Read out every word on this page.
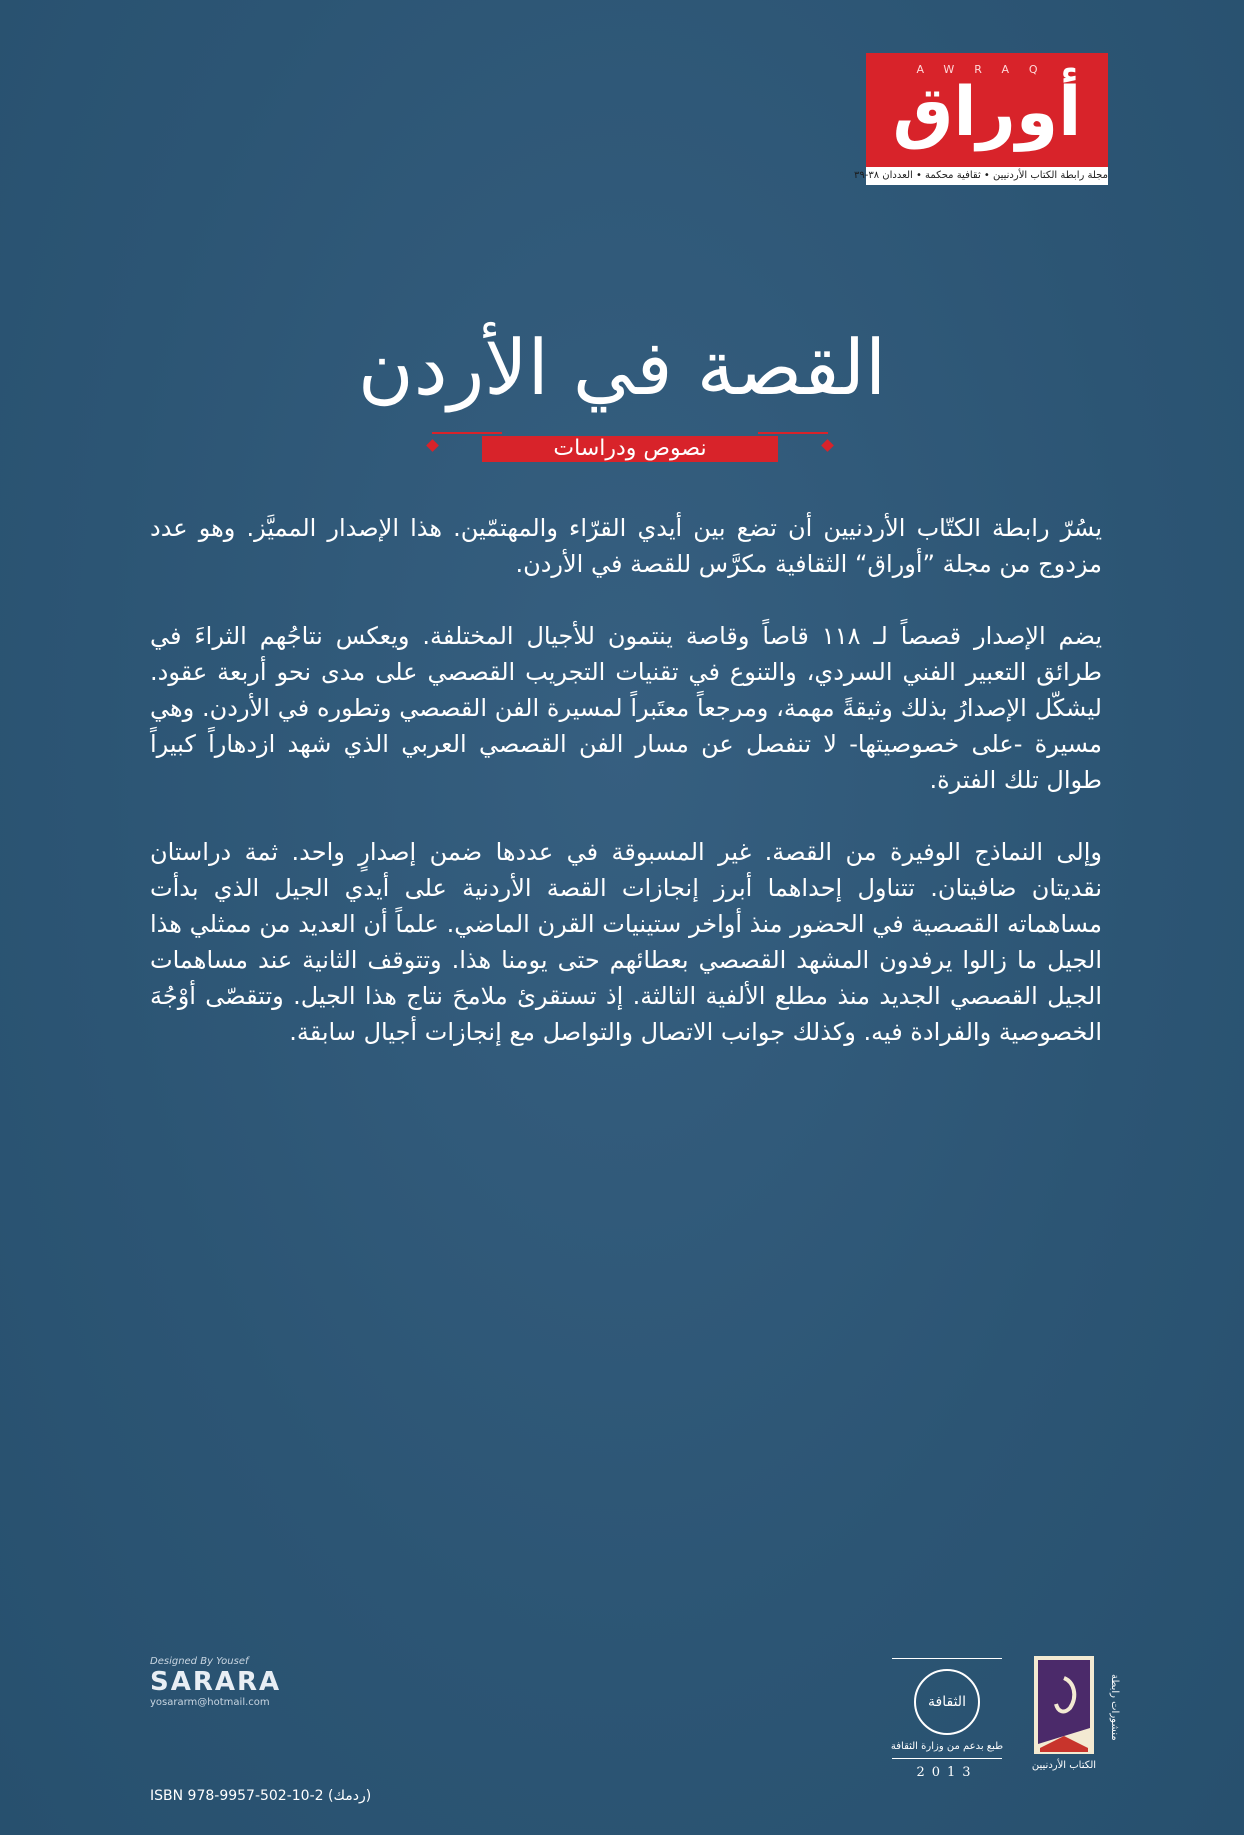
AWRAQ
أوراق
مجلة رابطة الكتاب الأردنيين • ثقافية محكمة • العددان ٣٨-٣٩
القصة في الأردن
نصوص ودراسات

يسُرّ رابطة الكتّاب الأردنيين أن تضع بين أيدي القرّاء والمهتمّين. هذا الإصدار المميَّز. وهو عدد مزدوج من مجلة ”أوراق“ الثقافية مكرَّس للقصة في الأردن.

يضم الإصدار قصصاً لـ ١١٨ قاصاً وقاصة ينتمون للأجيال المختلفة. ويعكس نتاجُهم الثراءَ في طرائق التعبير الفني السردي، والتنوع في تقنيات التجريب القصصي على مدى نحو أربعة عقود. ليشكّل الإصدارُ بذلك وثيقةً مهمة، ومرجعاً معتَبراً لمسيرة الفن القصصي وتطوره في الأردن. وهي مسيرة -على خصوصيتها- لا تنفصل عن مسار الفن القصصي العربي الذي شهد ازدهاراً كبيراً طوال تلك الفترة.

وإلى النماذج الوفيرة من القصة. غير المسبوقة في عددها ضمن إصدارٍ واحد. ثمة دراستان نقديتان ضافيتان. تتناول إحداهما أبرز إنجازات القصة الأردنية على أيدي الجيل الذي بدأت مساهماته القصصية في الحضور منذ أواخر ستينيات القرن الماضي. علماً أن العديد من ممثلي هذا الجيل ما زالوا يرفدون المشهد القصصي بعطائهم حتى يومنا هذا. وتتوقف الثانية عند مساهمات الجيل القصصي الجديد منذ مطلع الألفية الثالثة. إذ تستقرئ ملامحَ نتاج هذا الجيل. وتتقصّى أوْجُهَ الخصوصية والفرادة فيه. وكذلك جوانب الاتصال والتواصل مع إنجازات أجيال سابقة.

Designed By Yousef
SARARA
yosararm@hotmail.com
ISBN 978-9957-502-10-2 (ردمك)
الثقافة
طبع بدعم من وزارة الثقافة
2013
منشورات رابطة
الكتاب الأردنيين
